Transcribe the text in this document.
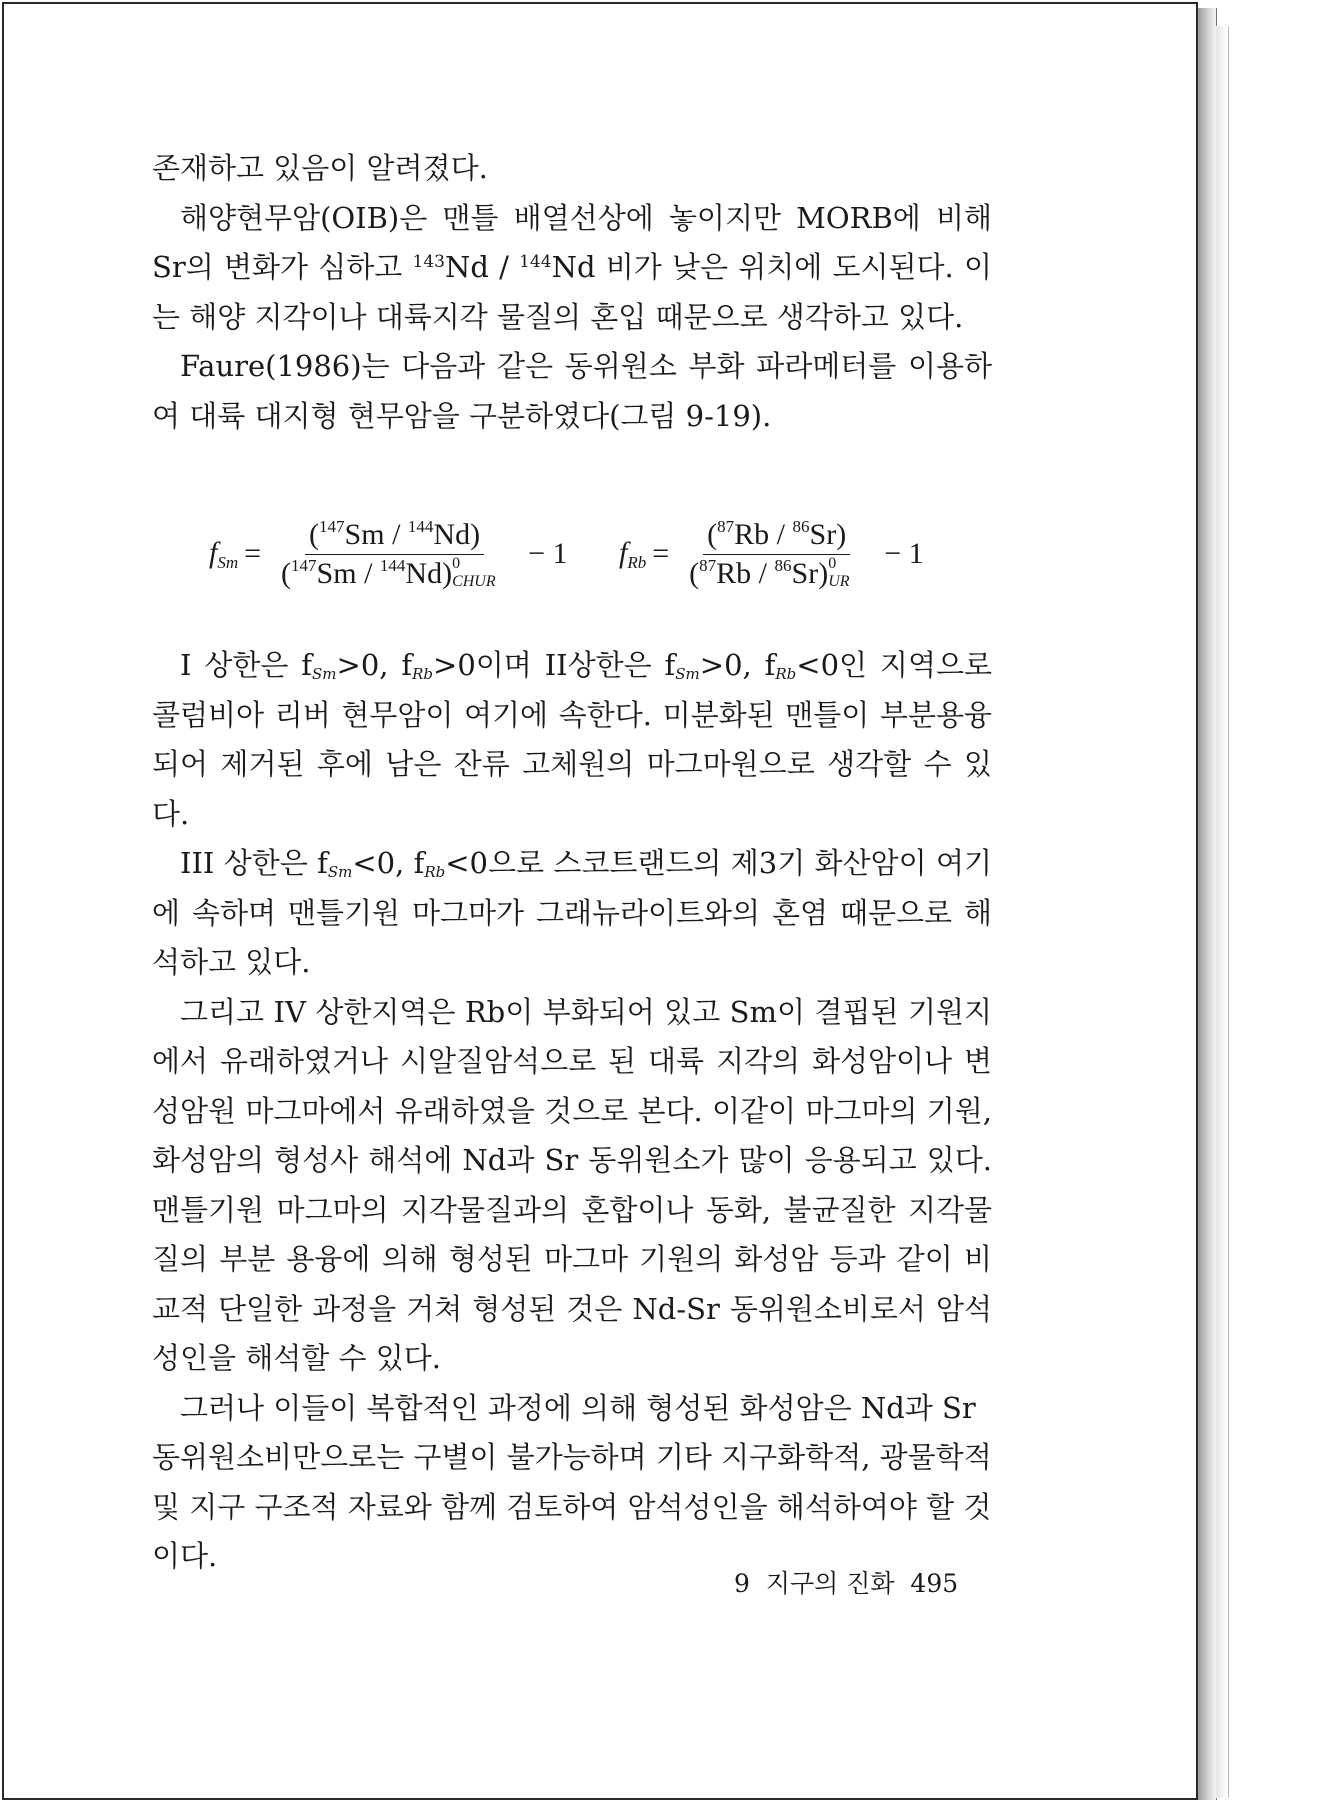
존재하고 있음이 알려졌다.

해양현무암(OIB)은 맨틀 배열선상에 놓이지만 MORB에 비해 Sr의 변화가 심하고 $^{143}$Nd / $^{144}$Nd 비가 낮은 위치에 도시된다. 이는 해양 지각이나 대륙지각 물질의 혼입 때문으로 생각하고 있다.

Faure(1986)는 다음과 같은 동위원소 부화 파라메터를 이용하여 대륙 대지형 현무암을 구분하였다(그림 9-19).

I 상한은 $f_{Sm}>0$, $f_{Rb}>0$이며 II상한은 $f_{Sm}>0$, $f_{Rb}<0$인 지역으로 콜럼비아 리버 현무암이 여기에 속한다. 미분화된 맨틀이 부분용융되어 제거된 후에 남은 잔류 고체원의 마그마원으로 생각할 수 있다.

III 상한은 $f_{Sm}<0$, $f_{Rb}<0$으로 스코트랜드의 제3기 화산암이 여기에 속하며 맨틀기원 마그마가 그래뉴라이트와의 혼염 때문으로 해석하고 있다.

그리고 IV 상한지역은 Rb이 부화되어 있고 Sm이 결핍된 기원지에서 유래하였거나 시알질암석으로 된 대륙 지각의 화성암이나 변성암원 마그마에서 유래하였을 것으로 본다. 이같이 마그마의 기원, 화성암의 형성사 해석에 Nd과 Sr 동위원소가 많이 응용되고 있다. 맨틀기원 마그마의 지각물질과의 혼합이나 동화, 불균질한 지각물질의 부분 용융에 의해 형성된 마그마 기원의 화성암 등과 같이 비교적 단일한 과정을 거쳐 형성된 것은 Nd-Sr 동위원소비로서 암석 성인을 해석할 수 있다.

그러나 이들이 복합적인 과정에 의해 형성된 화성암은 Nd과 Sr 동위원소비만으로는 구별이 불가능하며 기타 지구화학적, 광물학적 및 지구 구조적 자료와 함께 검토하여 암석성인을 해석하여야 할 것이다.

$f_{Sm} = (^{147}Sm / ^{144}Nd)$
($^{147}$Sm / $^{144}$Nd) 0
CHUR − 1 $f_{Rb} = (^{87}Rb / ^{86}Sr)$
($^{87}$Rb / $^{86}$Sr) 0
UR − 1
9 지구의 진화 495
